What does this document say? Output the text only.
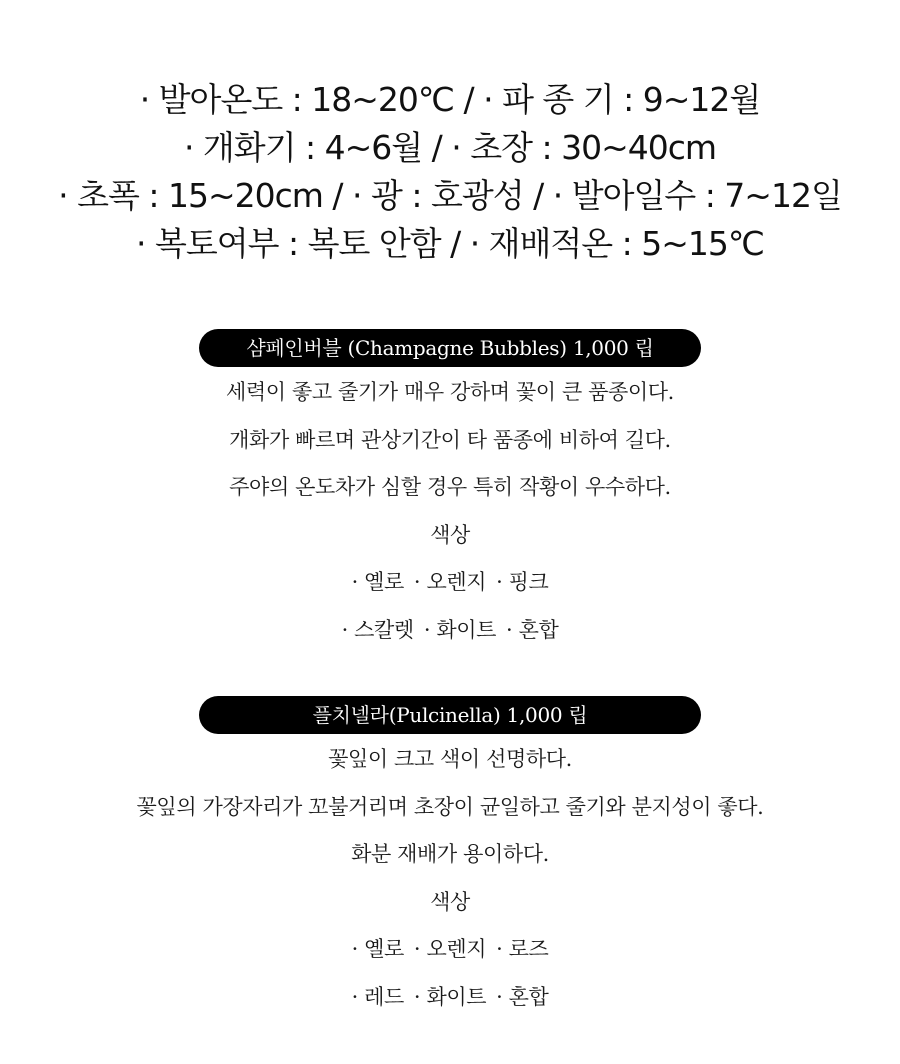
· 발아온도 : 18~20℃ / · 파 종 기 : 9~12월
· 개화기 : 4~6월 / · 초장 : 30~40cm
· 초폭 : 15~20cm / · 광 : 호광성 / · 발아일수 : 7~12일
· 복토여부 : 복토 안함 / · 재배적온 : 5~15℃
샴페인버블 (Champagne Bubbles) 1,000 립
세력이 좋고 줄기가 매우 강하며 꽃이 큰 품종이다.
개화가 빠르며 관상기간이 타 품종에 비하여 길다.
주야의 온도차가 심할 경우 특히 작황이 우수하다.
색상
· 옐로 · 오렌지 · 핑크
· 스칼렛 · 화이트 · 혼합
플치넬라(Pulcinella) 1,000 립
꽃잎이 크고 색이 선명하다.
꽃잎의 가장자리가 꼬불거리며 초장이 균일하고 줄기와 분지성이 좋다.
화분 재배가 용이하다.
색상
· 옐로 · 오렌지 · 로즈
· 레드 · 화이트 · 혼합
